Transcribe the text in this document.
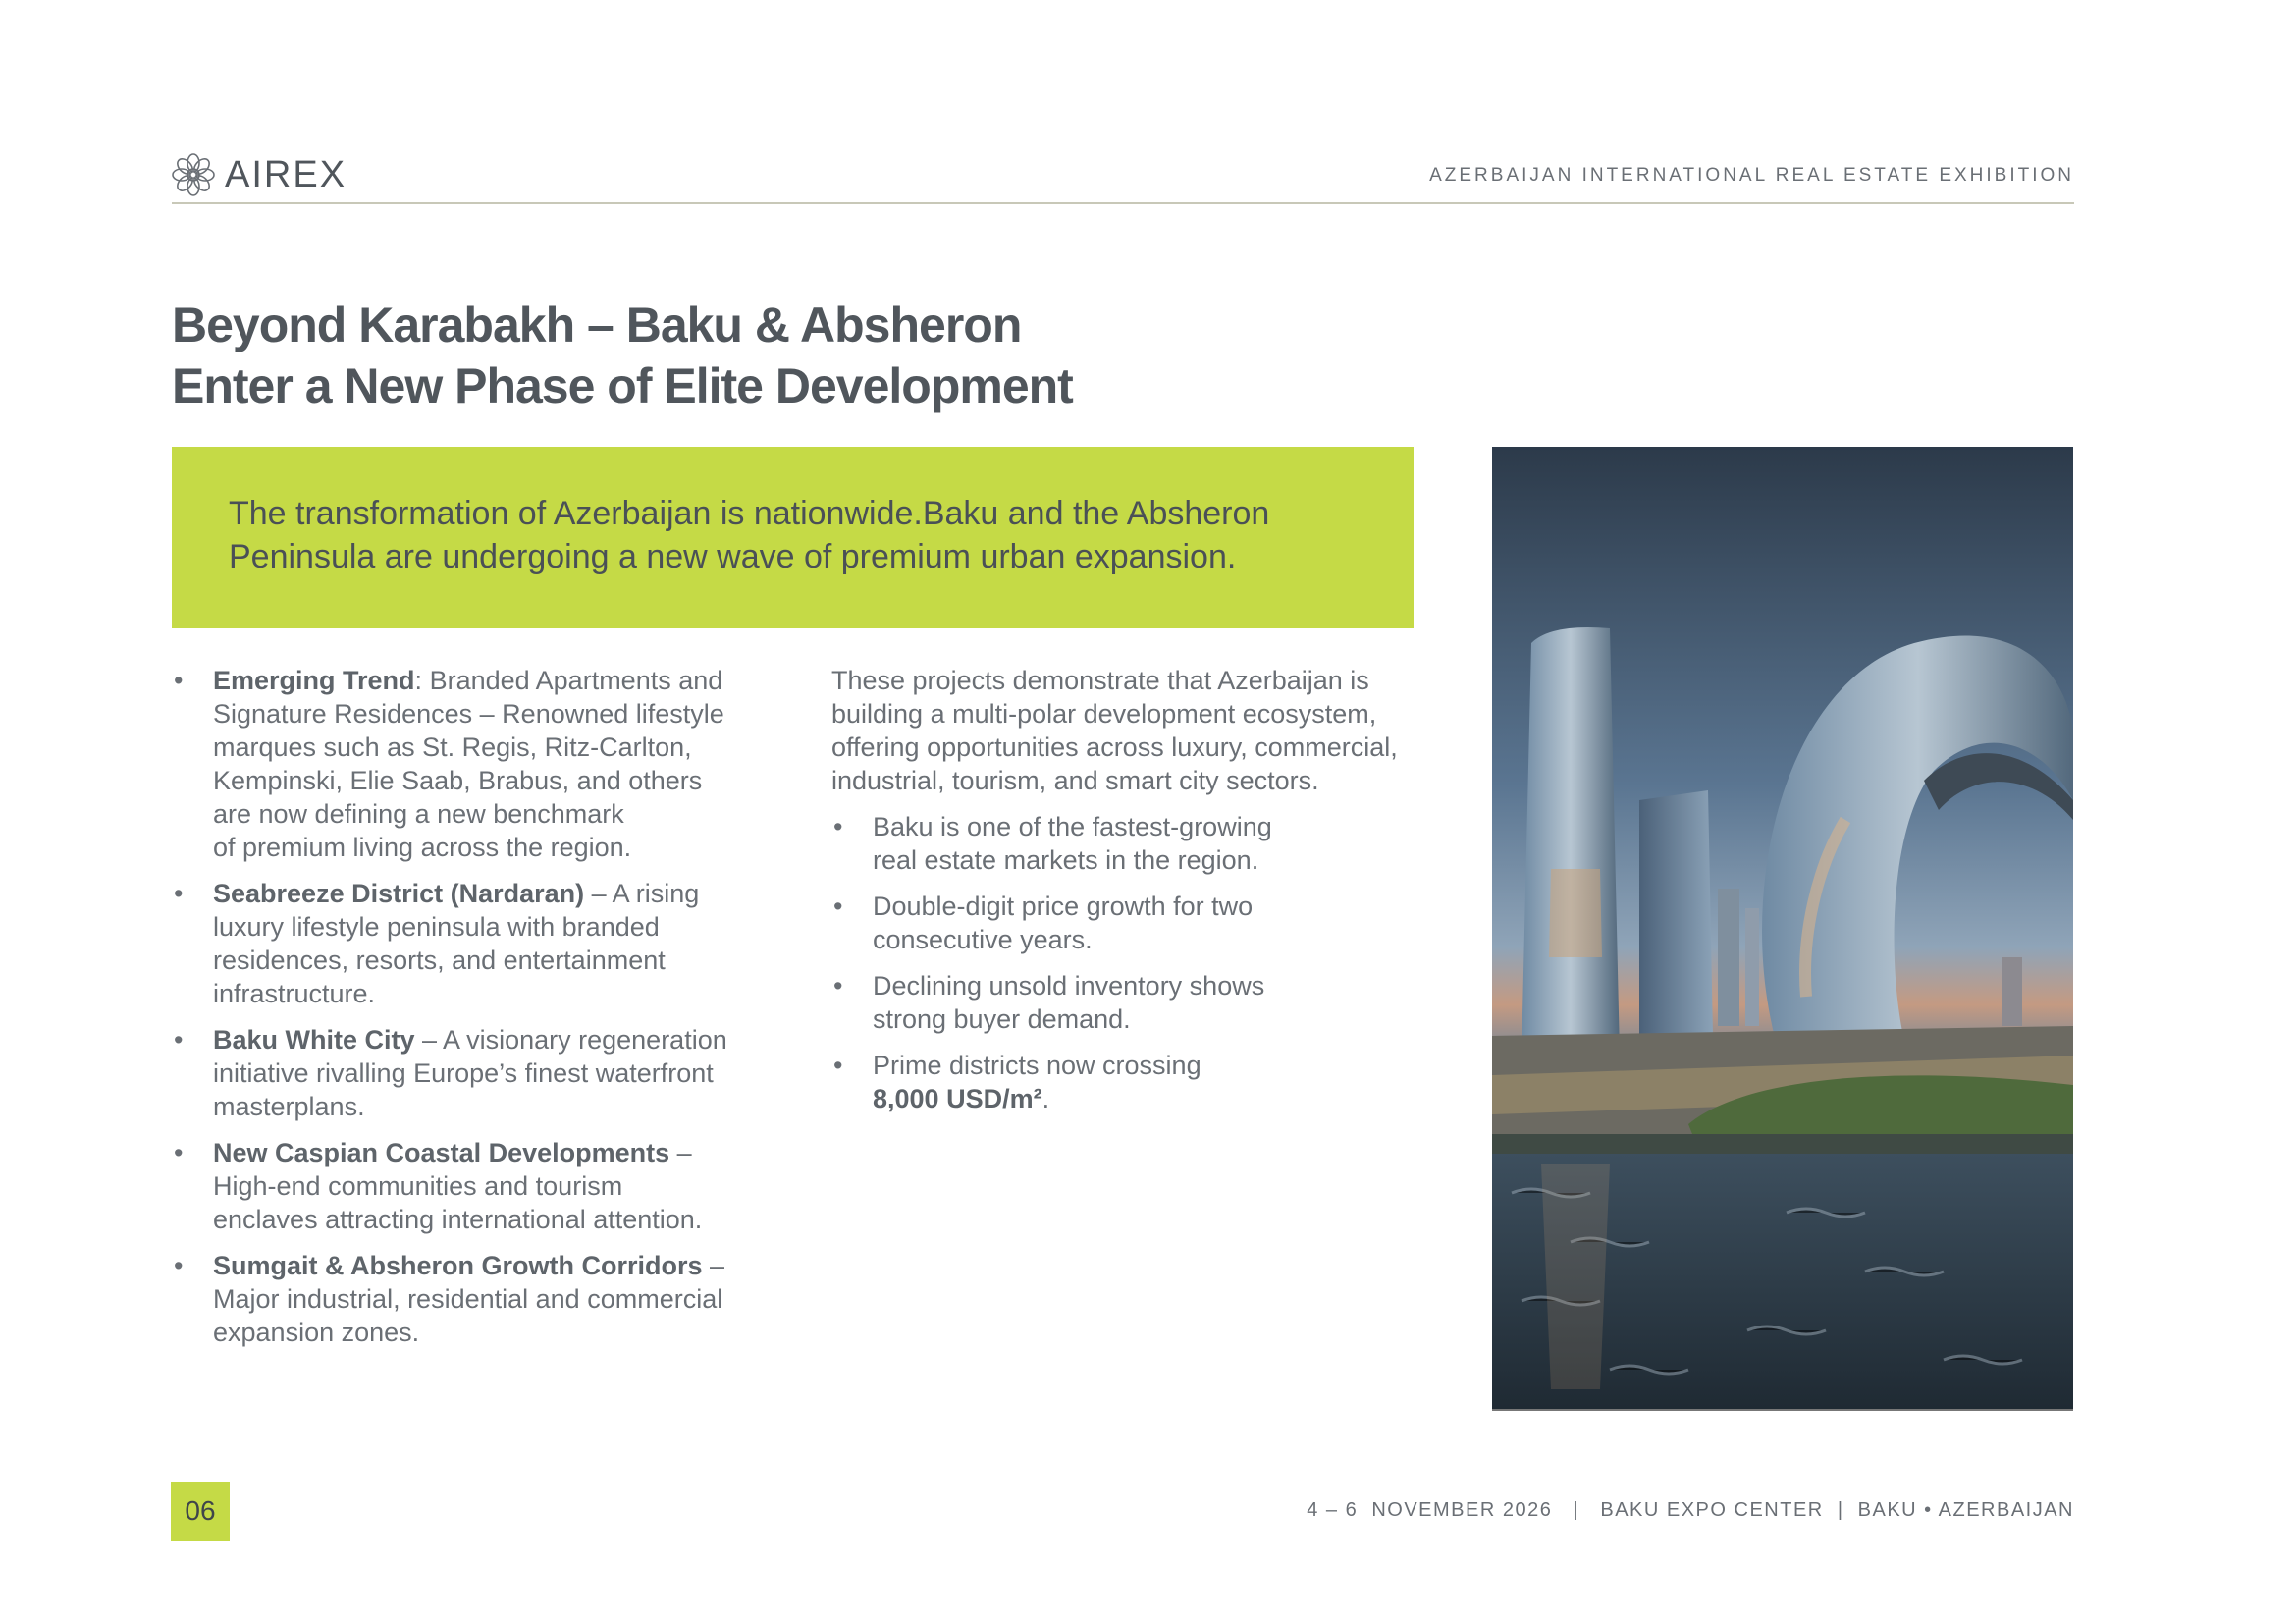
AIREX	AZERBAIJAN INTERNATIONAL REAL ESTATE EXHIBITION
Beyond Karabakh – Baku & Absheron
Enter a New Phase of Elite Development

The transformation of Azerbaijan is nationwide.Baku and the Absheron
Peninsula are undergoing a new wave of premium urban expansion.

• Emerging Trend: Branded Apartments and
Signature Residences – Renowned lifestyle
marques such as St. Regis, Ritz-Carlton,
Kempinski, Elie Saab, Brabus, and others
are now defining a new benchmark
of premium living across the region.
• Seabreeze District (Nardaran) – A rising
luxury lifestyle peninsula with branded
residences, resorts, and entertainment
infrastructure.
• Baku White City – A visionary regeneration
initiative rivalling Europe’s finest waterfront
masterplans.
• New Caspian Coastal Developments –
High-end communities and tourism
enclaves attracting international attention.
• Sumgait & Absheron Growth Corridors –
Major industrial, residential and commercial
expansion zones.

These projects demonstrate that Azerbaijan is
building a multi-polar development ecosystem,
offering opportunities across luxury, commercial,
industrial, tourism, and smart city sectors.

• Baku is one of the fastest-growing
real estate markets in the region.
• Double-digit price growth for two
consecutive years.
• Declining unsold inventory shows
strong buyer demand.
• Prime districts now crossing
8,000 USD/m².
06	4 – 6  NOVEMBER 2026   |   BAKU EXPO CENTER  |  BAKU • AZERBAIJAN
